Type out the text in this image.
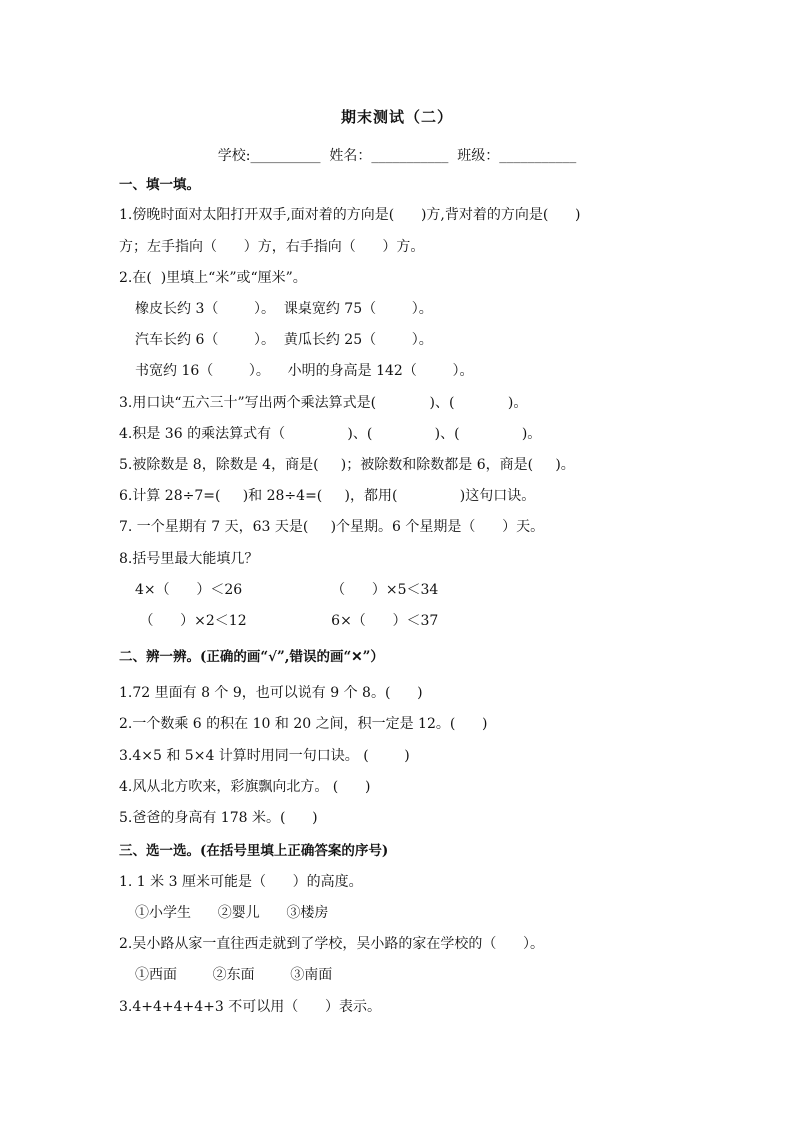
期末测试（二）
学校:__________  姓名：___________  班级：___________
一、填一填。
1.傍晚时面对太阳打开双手,面对着的方向是(      )方,背对着的方向是(      )
方；左手指向（      ）方，右手指向（      ）方。
2.在(  )里填上“米”或“厘米”。
橡皮长约 3（        ）。  课桌宽约 75（        ）。
汽车长约 6（        ）。  黄瓜长约 25（        ）。
书宽约 16（        ）。    小明的身高是 142（        ）。
3.用口诀“五六三十”写出两个乘法算式是(            )、(            )。
4.积是 36 的乘法算式有（              )、(              )、(              )。
5.被除数是 8，除数是 4，商是(     )；被除数和除数都是 6，商是(     )。
6.计算 28÷7=(     )和 28÷4=(     )，都用(              )这句口诀。
7. 一个星期有 7 天，63 天是(     )个星期。6 个星期是（      ）天。
8.括号里最大能填几？
4×（      ）＜26                    （      ）×5＜34
（      ）×2＜12                   6×（      ）＜37
二、辨一辨。(正确的画“√”,错误的画“✕”）
1.72 里面有 8 个 9，也可以说有 9 个 8。(      )
2.一个数乘 6 的积在 10 和 20 之间，积一定是 12。(      )
3.4×5 和 5×4 计算时用同一句口诀。 (        )
4.风从北方吹来，彩旗飘向北方。 (      )
5.爸爸的身高有 178 米。(      )
三、选一选。(在括号里填上正确答案的序号)
1. 1 米 3 厘米可能是（      ）的高度。
①小学生      ②婴儿      ③楼房
2.吴小路从家一直往西走就到了学校，吴小路的家在学校的（      ）。
①西面        ②东面        ③南面
3.4+4+4+4+3 不可以用（      ）表示。
